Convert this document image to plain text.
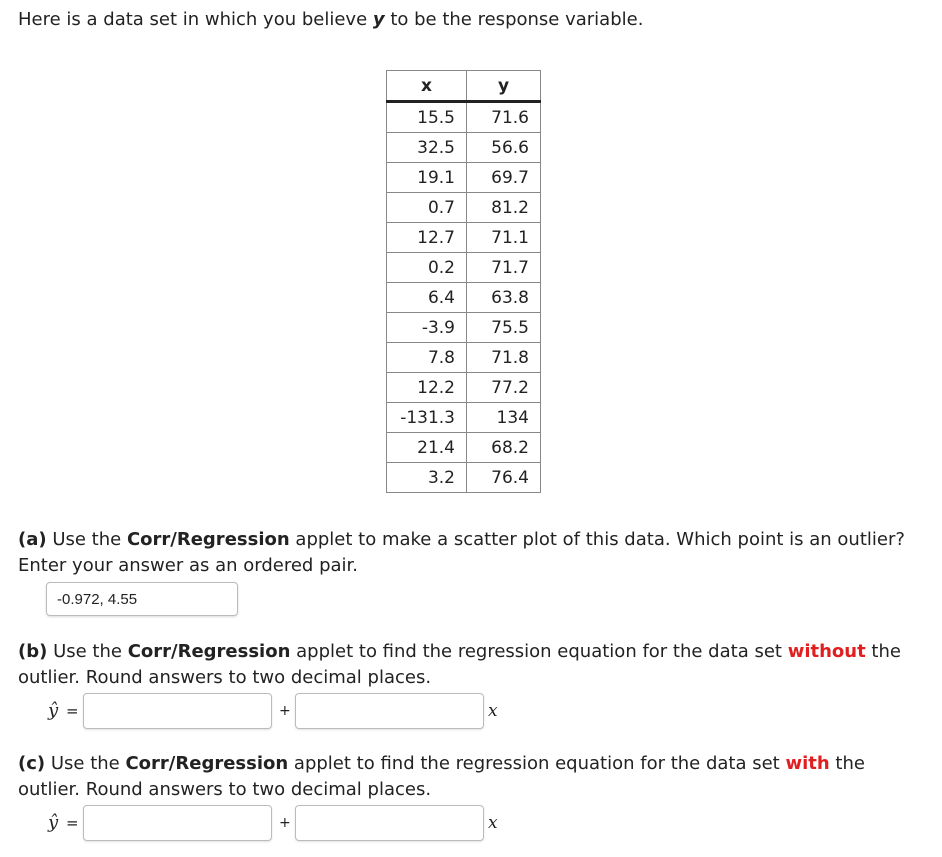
Here is a data set in which you believe y to be the response variable.
x	y
15.5	71.6
32.5	56.6
19.1	69.7
0.7	81.2
12.7	71.1
0.2	71.7
6.4	63.8
-3.9	75.5
7.8	71.8
12.2	77.2
-131.3	134
21.4	68.2
3.2	76.4
(a) Use the Corr/Regression applet to make a scatter plot of this data. Which point is an outlier? Enter your answer as an ordered pair.
-0.972, 4.55
(b) Use the Corr/Regression applet to find the regression equation for the data set without the outlier. Round answers to two decimal places.
ŷ =	+	x
(c) Use the Corr/Regression applet to find the regression equation for the data set with the outlier. Round answers to two decimal places.
ŷ =	+	x
